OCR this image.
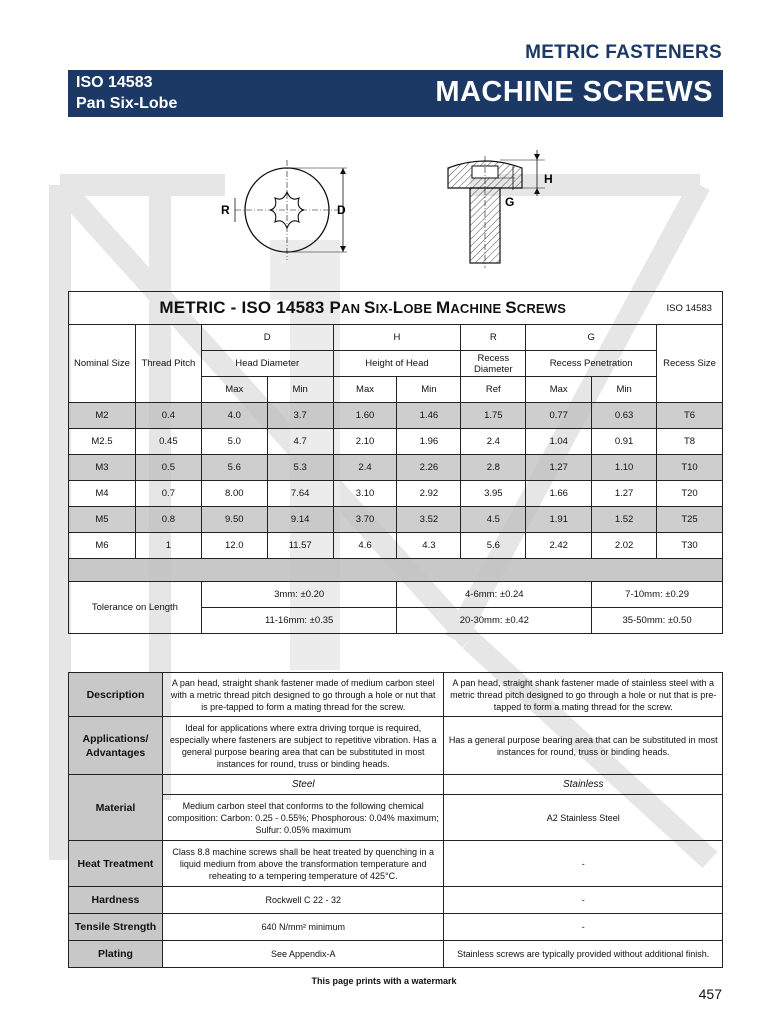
METRIC FASTENERS
ISO 14583
Pan Six-Lobe	MACHINE SCREWS
R	D
H
G
METRIC - ISO 14583 PAN SIX-LOBE MACHINE SCREWS									ISO 14583
Nominal Size	Thread Pitch	D		H		R	G		Recess Size
		Head Diameter		Height of Head		Recess Diameter	Recess Penetration		
		Max	Min	Max	Min	Ref	Max	Min	
M2	0.4	4.0	3.7	1.60	1.46	1.75	0.77	0.63	T6
M2.5	0.45	5.0	4.7	2.10	1.96	2.4	1.04	0.91	T8
M3	0.5	5.6	5.3	2.4	2.26	2.8	1.27	1.10	T10
M4	0.7	8.00	7.64	3.10	2.92	3.95	1.66	1.27	T20
M5	0.8	9.50	9.14	3.70	3.52	4.5	1.91	1.52	T25
M6	1	12.0	11.57	4.6	4.3	5.6	2.42	2.02	T30

Tolerance on Length		3mm: ±0.20			4-6mm: ±0.24			7-10mm: ±0.29	
		11-16mm: ±0.35			20-30mm: ±0.42			35-50mm: ±0.50	
Description	A pan head, straight shank fastener made of medium carbon steel with a metric thread pitch designed to go through a hole or nut that is pre-tapped to form a mating thread for the screw.	A pan head, straight shank fastener made of stainless steel with a metric thread pitch designed to go through a hole or nut that is pre-tapped to form a mating thread for the screw.
Applications/ Advantages	Ideal for applications where extra driving torque is required, especially where fasteners are subject to repetitive vibration. Has a general purpose bearing area that can be substituted in most instances for round, truss or binding heads.	Has a general purpose bearing area that can be substituted in most instances for round, truss or binding heads.
Material	Steel	Stainless
	Medium carbon steel that conforms to the following chemical composition: Carbon: 0.25 - 0.55%; Phosphorous: 0.04% maximum; Sulfur: 0.05% maximum	A2 Stainless Steel
Heat Treatment	Class 8.8 machine screws shall be heat treated by quenching in a liquid medium from above the transformation temperature and reheating to a tempering temperature of 425°C.	-
Hardness	Rockwell C 22 - 32	-
Tensile Strength	640 N/mm² minimum	-
Plating	See Appendix-A	Stainless screws are typically provided without additional finish.
This page prints with a watermark
457
